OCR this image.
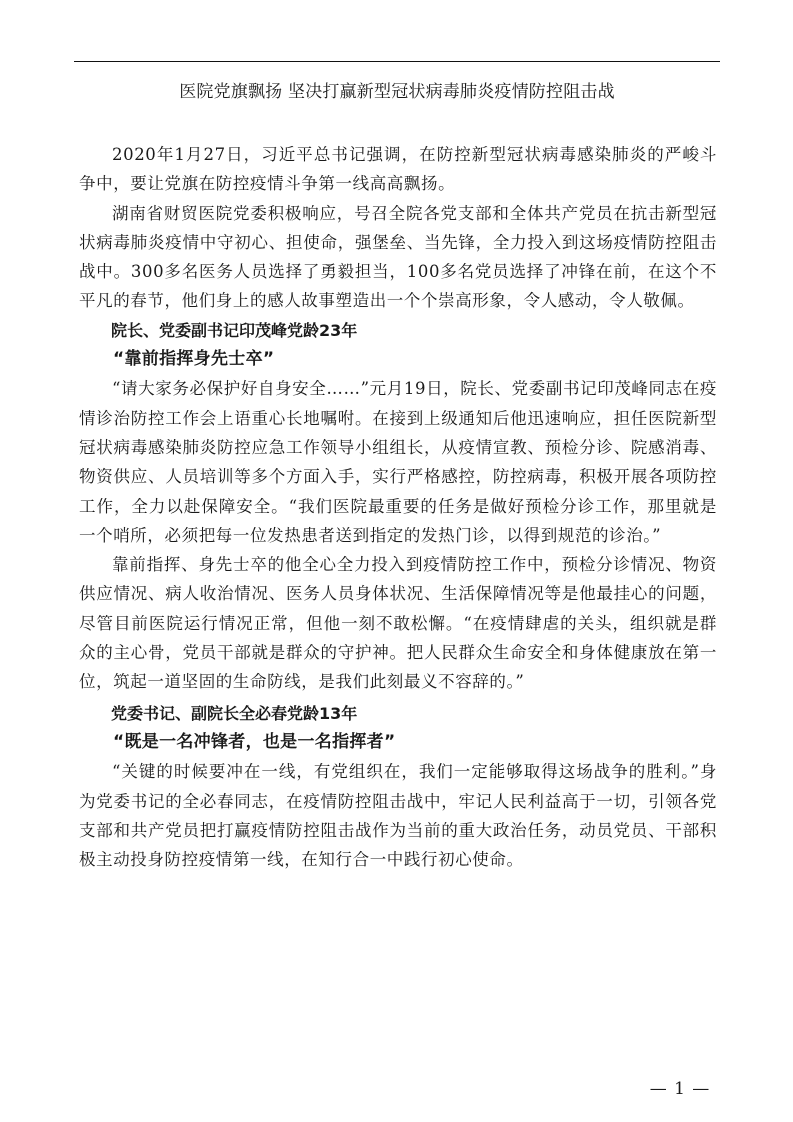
医院党旗飘扬 坚决打赢新型冠状病毒肺炎疫情防控阻击战

2020年1月27日，习近平总书记强调，在防控新型冠状病毒感染肺炎的严峻斗争中，要让党旗在防控疫情斗争第一线高高飘扬。

湖南省财贸医院党委积极响应，号召全院各党支部和全体共产党员在抗击新型冠状病毒肺炎疫情中守初心、担使命，强堡垒、当先锋，全力投入到这场疫情防控阻击战中。300多名医务人员选择了勇毅担当，100多名党员选择了冲锋在前，在这个不平凡的春节，他们身上的感人故事塑造出一个个崇高形象，令人感动，令人敬佩。

院长、党委副书记印茂峰党龄23年

“靠前指挥身先士卒”

“请大家务必保护好自身安全……”元月19日，院长、党委副书记印茂峰同志在疫情诊治防控工作会上语重心长地嘱咐。在接到上级通知后他迅速响应，担任医院新型冠状病毒感染肺炎防控应急工作领导小组组长，从疫情宣教、预检分诊、院感消毒、物资供应、人员培训等多个方面入手，实行严格感控，防控病毒，积极开展各项防控工作，全力以赴保障安全。“我们医院最重要的任务是做好预检分诊工作，那里就是一个哨所，必须把每一位发热患者送到指定的发热门诊，以得到规范的诊治。”

靠前指挥、身先士卒的他全心全力投入到疫情防控工作中，预检分诊情况、物资供应情况、病人收治情况、医务人员身体状况、生活保障情况等是他最挂心的问题，尽管目前医院运行情况正常，但他一刻不敢松懈。“在疫情肆虐的关头，组织就是群众的主心骨，党员干部就是群众的守护神。把人民群众生命安全和身体健康放在第一位，筑起一道坚固的生命防线，是我们此刻最义不容辞的。”

党委书记、副院长全必春党龄13年

“既是一名冲锋者，也是一名指挥者”

“关键的时候要冲在一线，有党组织在，我们一定能够取得这场战争的胜利。”身为党委书记的全必春同志，在疫情防控阻击战中，牢记人民利益高于一切，引领各党支部和共产党员把打赢疫情防控阻击战作为当前的重大政治任务，动员党员、干部积极主动投身防控疫情第一线，在知行合一中践行初心使命。

— 1 —
